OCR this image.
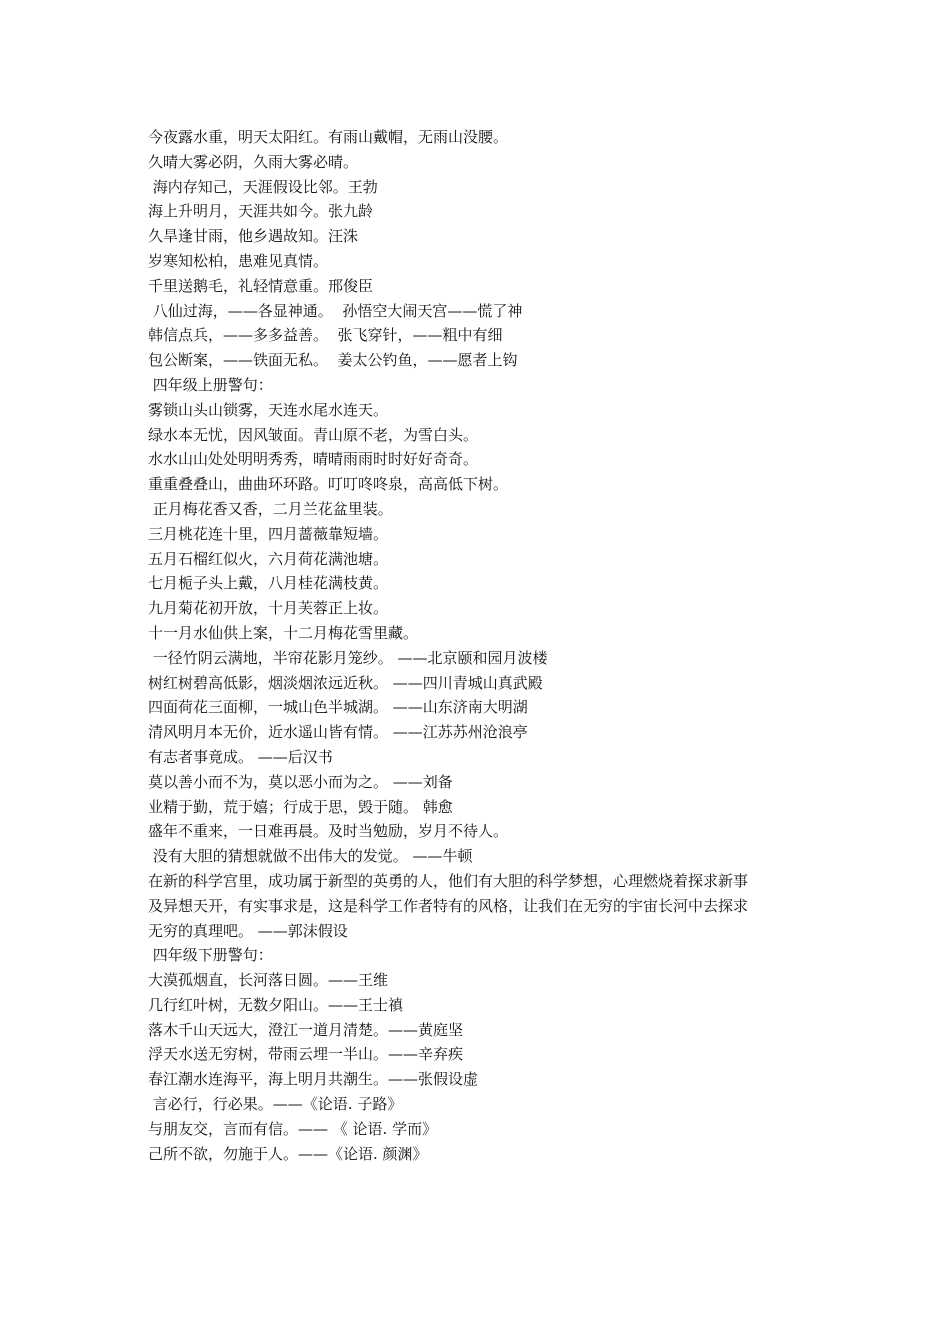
今夜露水重，明天太阳红。有雨山戴帽，无雨山没腰。

久晴大雾必阴，久雨大雾必晴。

海内存知己，天涯假设比邻。王勃

海上升明月，天涯共如今。张九龄

久旱逢甘雨，他乡遇故知。汪洙

岁寒知松柏，患难见真情。

千里送鹅毛，礼轻情意重。邢俊臣

八仙过海，——各显神通。  孙悟空大闹天宫——慌了神

韩信点兵，——多多益善。  张飞穿针，——粗中有细

包公断案，——铁面无私。  姜太公钓鱼，——愿者上钩

四年级上册警句：

雾锁山头山锁雾，天连水尾水连天。

绿水本无忧，因风皱面。青山原不老，为雪白头。

水水山山处处明明秀秀，晴晴雨雨时时好好奇奇。

重重叠叠山，曲曲环环路。叮叮咚咚泉，高高低下树。

正月梅花香又香，二月兰花盆里装。

三月桃花连十里，四月蔷薇靠短墙。

五月石榴红似火，六月荷花满池塘。

七月栀子头上戴，八月桂花满枝黄。

九月菊花初开放，十月芙蓉正上妆。

十一月水仙供上案，十二月梅花雪里藏。

一径竹阴云满地，半帘花影月笼纱。 ——北京颐和园月波楼

树红树碧高低影，烟淡烟浓远近秋。 ——四川青城山真武殿

四面荷花三面柳，一城山色半城湖。 ——山东济南大明湖

清风明月本无价，近水遥山皆有情。 ——江苏苏州沧浪亭

有志者事竟成。 ——后汉书

莫以善小而不为，莫以恶小而为之。 ——刘备

业精于勤，荒于嬉；行成于思，毁于随。 韩愈

盛年不重来，一日难再晨。及时当勉励，岁月不待人。

没有大胆的猜想就做不出伟大的发觉。 ——牛顿

在新的科学宫里，成功属于新型的英勇的人，他们有大胆的科学梦想，心理燃烧着探求新事

及异想天开，有实事求是，这是科学工作者特有的风格，让我们在无穷的宇宙长河中去探求

无穷的真理吧。 ——郭沫假设

四年级下册警句：

大漠孤烟直，长河落日圆。——王维

几行红叶树，无数夕阳山。——王士禛

落木千山天远大，澄江一道月清楚。——黄庭坚

浮天水送无穷树，带雨云埋一半山。——辛弃疾

春江潮水连海平，海上明月共潮生。——张假设虚

言必行，行必果。——《论语. 子路》

与朋友交，言而有信。—— 《 论语. 学而》

己所不欲，勿施于人。——《论语. 颜渊》
